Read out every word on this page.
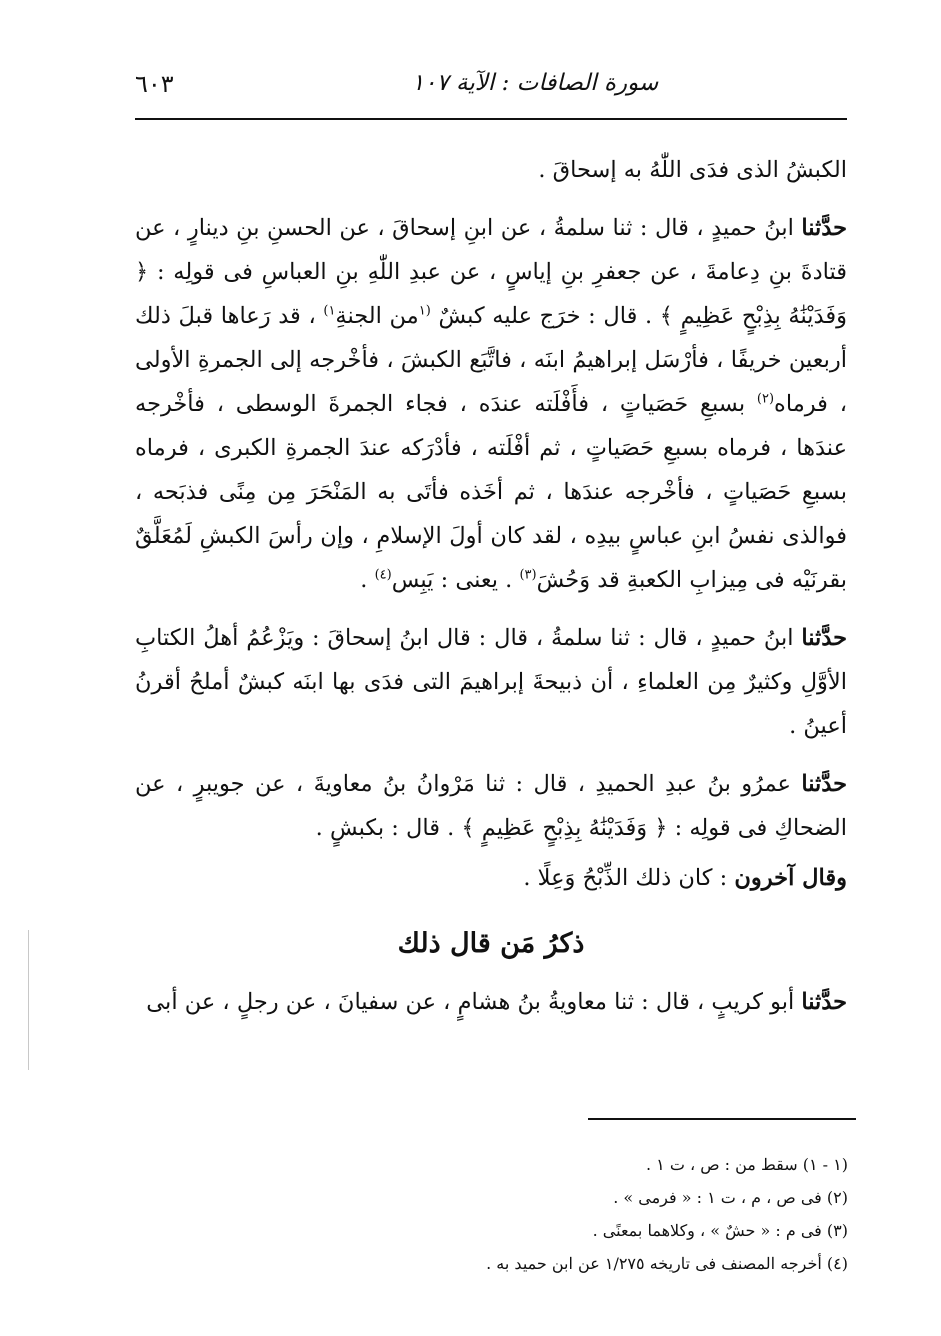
٦٠٣	سورة الصافات : الآية ١٠٧

الكبشُ الذى فدَى اللّٰهُ به إسحاقَ .

حدَّثنا ابنُ حميدٍ ، قال : ثنا سلمةُ ، عن ابنِ إسحاقَ ، عن الحسنِ بنِ دينارٍ ، عن قتادةَ بنِ دِعامةَ ، عن جعفرِ بنِ إياسٍ ، عن عبدِ اللّٰهِ بنِ العباسِ فى قولِه : ﴿ وَفَدَيْنَٰهُ بِذِبْحٍ عَظِيمٍ ﴾ . قال : خرَج عليه كبشٌ $^{(١}$من الجنةِ$^{١)}$ ، قد رَعاها قبلَ ذلك أربعين خريفًا ، فأرْسَل إبراهيمُ ابنَه ، فاتَّبَع الكبشَ ، فأخْرجه إلى الجمرةِ الأولى ، فرماه$^{(٢)}$ بسبعِ حَصَياتٍ ، فأَفْلَته عندَه ، فجاء الجمرةَ الوسطى ، فأخْرجه عندَها ، فرماه بسبعِ حَصَياتٍ ، ثم أفْلَته ، فأدْرَكه عندَ الجمرةِ الكبرى ، فرماه بسبعِ حَصَياتٍ ، فأخْرجه عندَها ، ثم أخَذه فأتَى به المَنْحَرَ مِن مِنًى فذبَحه ، فوالذى نفسُ ابنِ عباسٍ بيدِه ، لقد كان أولَ الإسلامِ ، وإن رأسَ الكبشِ لَمُعَلَّقٌ بقرنَيْه فى مِيزابِ الكعبةِ قد وَحُشَ$^{(٣)}$ . يعنى : يَبِس$^{(٤)}$ .

حدَّثنا ابنُ حميدٍ ، قال : ثنا سلمةُ ، قال : قال ابنُ إسحاقَ : ويَزْعُمُ أهلُ الكتابِ الأوَّلِ وكثيرٌ مِن العلماءِ ، أن ذبيحةَ إبراهيمَ التى فدَى بها ابنَه كبشٌ أملحُ أقرنُ أعينُ .

حدَّثنا عمرُو بنُ عبدِ الحميدِ ، قال : ثنا مَرْوانُ بنُ معاويةَ ، عن جويبرٍ ، عن الضحاكِ فى قولِه : ﴿ وَفَدَيْنَٰهُ بِذِبْحٍ عَظِيمٍ ﴾ . قال : بكبشٍ .

وقال آخرون : كان ذلك الذِّبْحُ وَعِلًا .

ذكرُ مَن قال ذلك

حدَّثنا أبو كريبٍ ، قال : ثنا معاويةُ بنُ هشامٍ ، عن سفيانَ ، عن رجلٍ ، عن أبى

(١ - ١) سقط من : ص ، ت ١ .
(٢) فى ص ، م ، ت ١ : « فرمى » .
(٣) فى م : « حشٌ » ، وكلاهما بمعنًى .
(٤) أخرجه المصنف فى تاريخه ١/٢٧٥ عن ابن حميد به .
